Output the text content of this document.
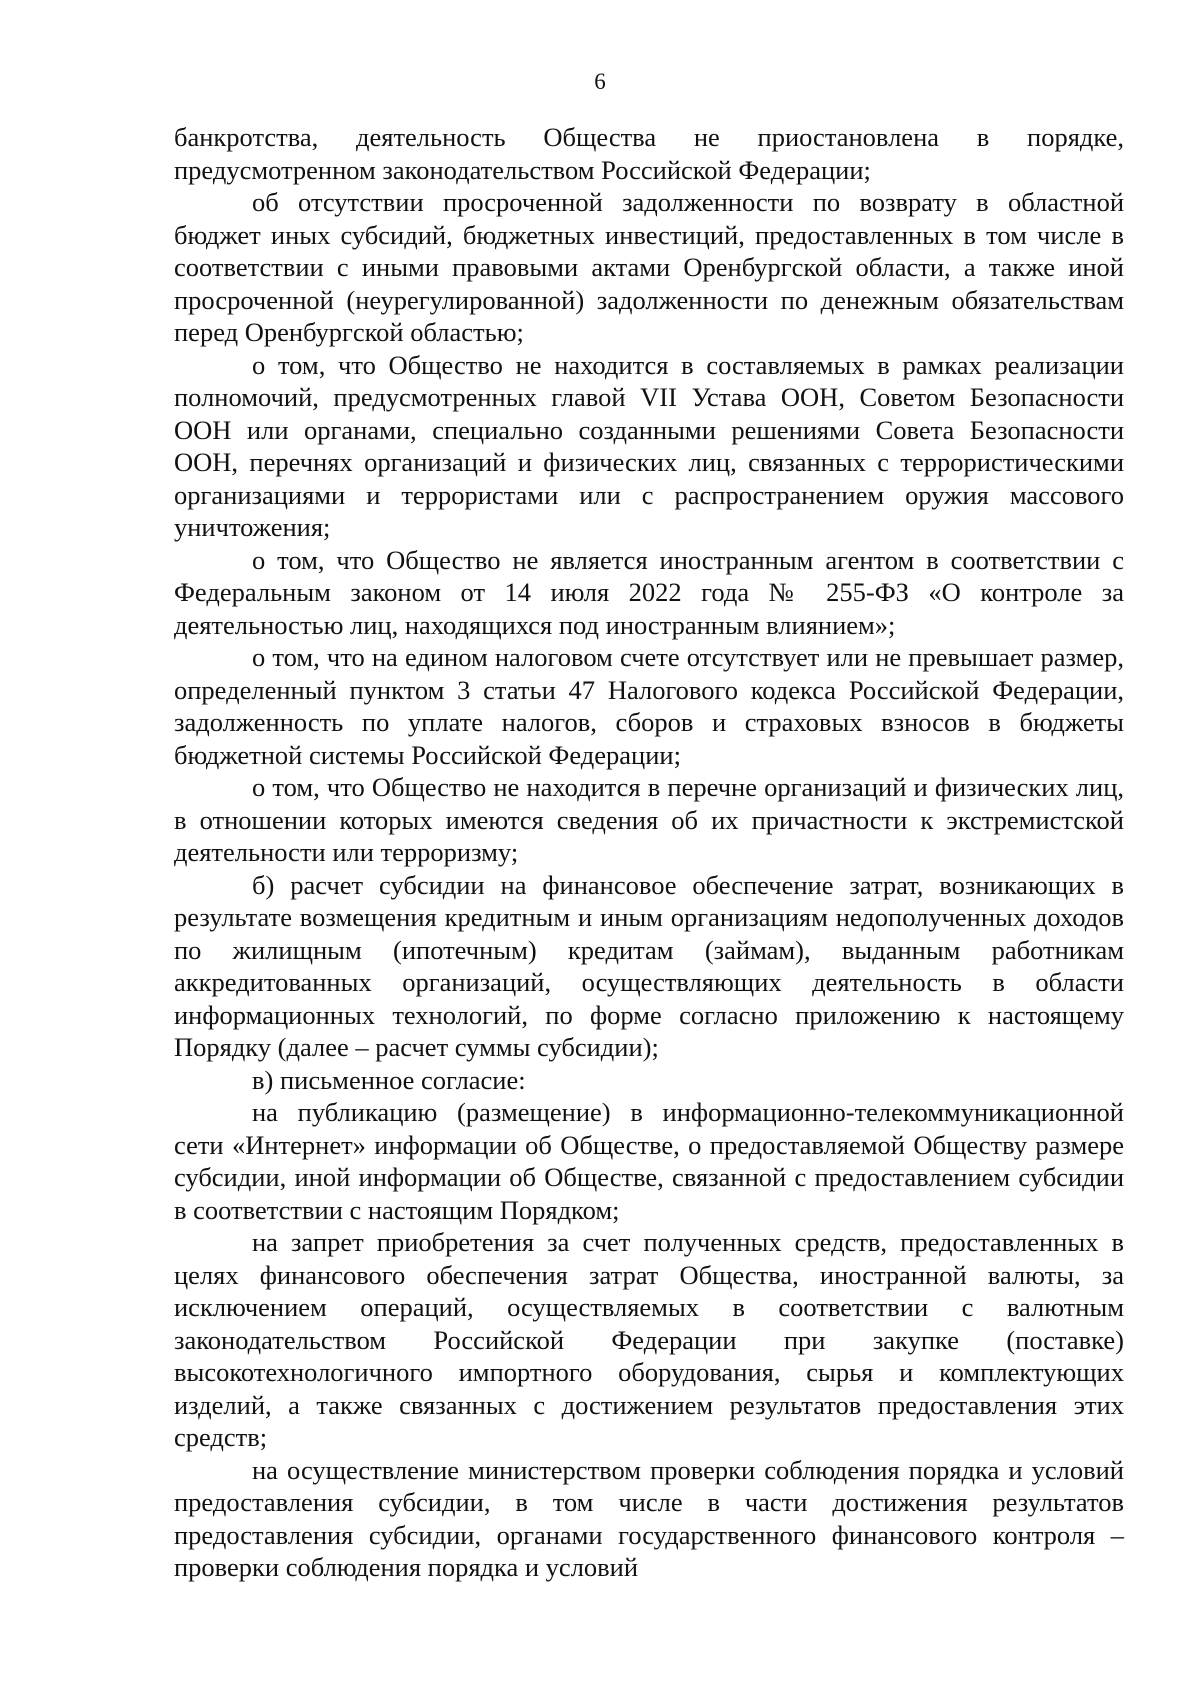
6

банкротства, деятельность Общества не приостановлена в порядке, предусмотренном законодательством Российской Федерации;

об отсутствии просроченной задолженности по возврату в областной бюджет иных субсидий, бюджетных инвестиций, предоставленных в том числе в соответствии с иными правовыми актами Оренбургской области, а также иной просроченной (неурегулированной) задолженности по денежным обязательствам перед Оренбургской областью;

о том, что Общество не находится в составляемых в рамках реализации полномочий, предусмотренных главой VII Устава ООН, Советом Безопасности ООН или органами, специально созданными решениями Совета Безопасности ООН, перечнях организаций и физических лиц, связанных с террористическими организациями и террористами или с распространением оружия массового уничтожения;

о том, что Общество не является иностранным агентом в соответствии с Федеральным законом от 14 июля 2022 года № 255-ФЗ «О контроле за деятельностью лиц, находящихся под иностранным влиянием»;

о том, что на едином налоговом счете отсутствует или не превышает размер, определенный пунктом 3 статьи 47 Налогового кодекса Российской Федерации, задолженность по уплате налогов, сборов и страховых взносов в бюджеты бюджетной системы Российской Федерации;

о том, что Общество не находится в перечне организаций и физических лиц, в отношении которых имеются сведения об их причастности к экстремистской деятельности или терроризму;

б) расчет субсидии на финансовое обеспечение затрат, возникающих в результате возмещения кредитным и иным организациям недополученных доходов по жилищным (ипотечным) кредитам (займам), выданным работникам аккредитованных организаций, осуществляющих деятельность в области информационных технологий, по форме согласно приложению к настоящему Порядку (далее – расчет суммы субсидии);

в) письменное согласие:

на публикацию (размещение) в информационно-телекоммуникационной сети «Интернет» информации об Обществе, о предоставляемой Обществу размере субсидии, иной информации об Обществе, связанной с предоставлением субсидии в соответствии с настоящим Порядком;

на запрет приобретения за счет полученных средств, предоставленных в целях финансового обеспечения затрат Общества, иностранной валюты, за исключением операций, осуществляемых в соответствии с валютным законодательством Российской Федерации при закупке (поставке) высокотехнологичного импортного оборудования, сырья и комплектующих изделий, а также связанных с достижением результатов предоставления этих средств;

на осуществление министерством проверки соблюдения порядка и условий предоставления субсидии, в том числе в части достижения результатов предоставления субсидии, органами государственного финансового контроля – проверки соблюдения порядка и условий
